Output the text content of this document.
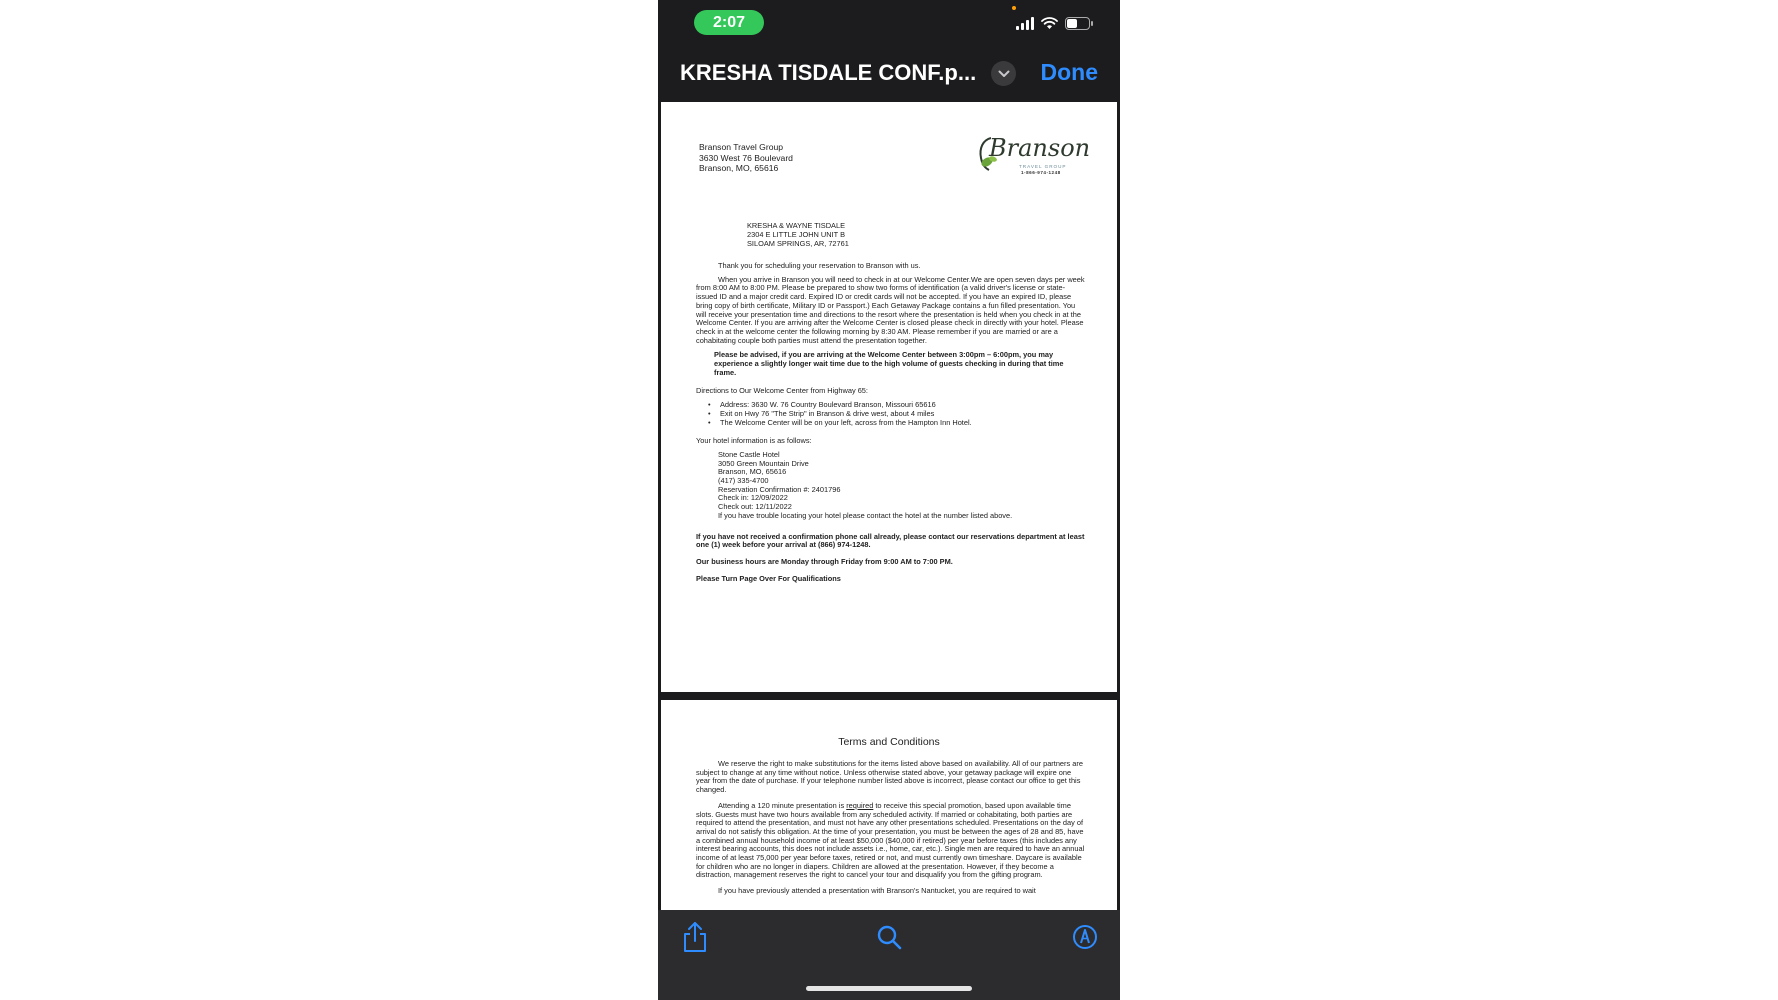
2:07
KRESHA TISDALE CONF.p...	Done
Branson Travel Group
3630 West 76 Boulevard
Branson, MO, 65616
Branson
TRAVEL GROUP
1-866-974-1248
KRESHA & WAYNE TISDALE
2304 E LITTLE JOHN UNIT B
SILOAM SPRINGS, AR, 72761

Thank you for scheduling your reservation to Branson with us.

When you arrive in Branson you will need to check in at our Welcome Center.We are open seven days per week from 8:00 AM to 8:00 PM. Please be prepared to show two forms of identification (a valid driver's license or state-issued ID and a major credit card. Expired ID or credit cards will not be accepted. If you have an expired ID, please bring copy of birth certificate, Military ID or Passport.) Each Getaway Package contains a fun filled presentation. You will receive your presentation time and directions to the resort where the presentation is held when you check in at the Welcome Center. If you are arriving after the Welcome Center is closed please check in directly with your hotel. Please check in at the welcome center the following morning by 8:30 AM. Please remember if you are married or are a cohabitating couple both parties must attend the presentation together.

Please be advised, if you are arriving at the Welcome Center between 3:00pm – 6:00pm, you may experience a slightly longer wait time due to the high volume of guests checking in during that time frame.

Directions to Our Welcome Center from Highway 65:

• Address: 3630 W. 76 Country Boulevard Branson, Missouri 65616
• Exit on Hwy 76 "The Strip" in Branson & drive west, about 4 miles
• The Welcome Center will be on your left, across from the Hampton Inn Hotel.

Your hotel information is as follows:

Stone Castle Hotel
3050 Green Mountain Drive
Branson, MO, 65616
(417) 335-4700
Reservation Confirmation #: 2401796
Check in: 12/09/2022
Check out: 12/11/2022
If you have trouble locating your hotel please contact the hotel at the number listed above.

If you have not received a confirmation phone call already, please contact our reservations department at least one (1) week before your arrival at (866) 974-1248.

Our business hours are Monday through Friday from 9:00 AM to 7:00 PM.

Please Turn Page Over For Qualifications

Terms and Conditions

We reserve the right to make substitutions for the items listed above based on availability. All of our partners are subject to change at any time without notice. Unless otherwise stated above, your getaway package will expire one year from the date of purchase. If your telephone number listed above is incorrect, please contact our office to get this changed.

Attending a 120 minute presentation is required to receive this special promotion, based upon available time slots. Guests must have two hours available from any scheduled activity. If married or cohabitating, both parties are required to attend the presentation, and must not have any other presentations scheduled. Presentations on the day of arrival do not satisfy this obligation. At the time of your presentation, you must be between the ages of 28 and 85, have a combined annual household income of at least $50,000 ($40,000 if retired) per year before taxes (this includes any interest bearing accounts, this does not include assets i.e., home, car, etc.). Single men are required to have an annual income of at least 75,000 per year before taxes, retired or not, and must currently own timeshare. Daycare is available for children who are no longer in diapers. Children are allowed at the presentation. However, if they become a distraction, management reserves the right to cancel your tour and disqualify you from the gifting program.

If you have previously attended a presentation with Branson's Nantucket, you are required to wait
